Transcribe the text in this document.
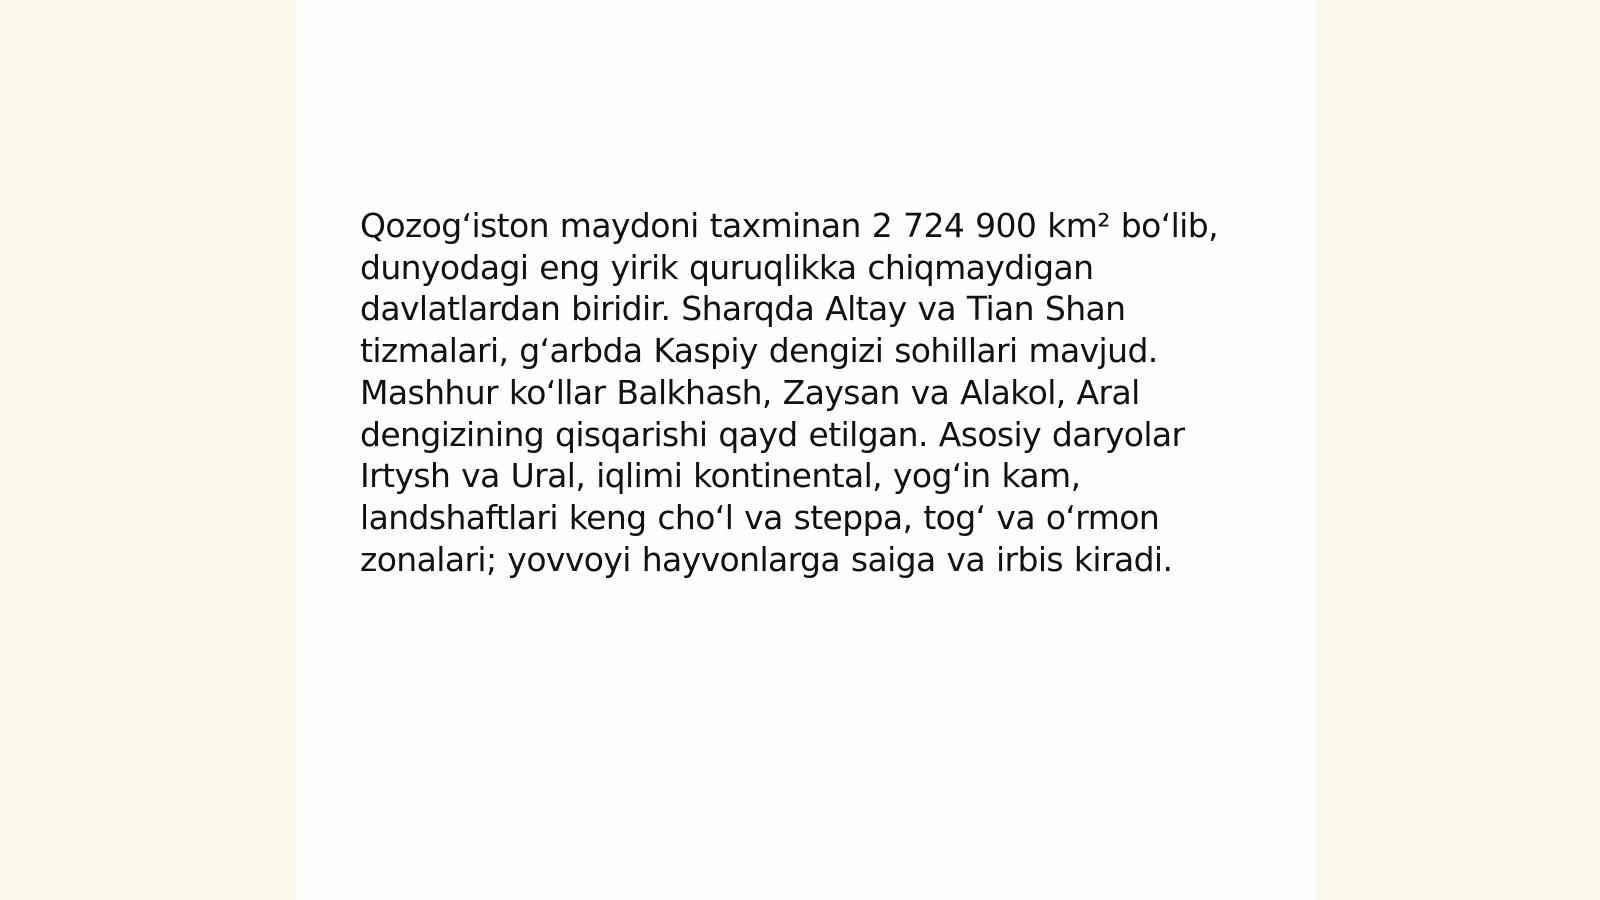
Qozog‘iston maydoni taxminan 2 724 900 km² bo‘lib,
dunyodagi eng yirik quruqlikka chiqmaydigan
davlatlardan biridir. Sharqda Altay va Tian Shan
tizmalari, g‘arbda Kaspiy dengizi sohillari mavjud.
Mashhur ko‘llar Balkhash, Zaysan va Alakol, Aral
dengizining qisqarishi qayd etilgan. Asosiy daryolar
Irtysh va Ural, iqlimi kontinental, yog‘in kam,
landshaftlari keng cho‘l va steppa, tog‘ va o‘rmon
zonalari; yovvoyi hayvonlarga saiga va irbis kiradi.
